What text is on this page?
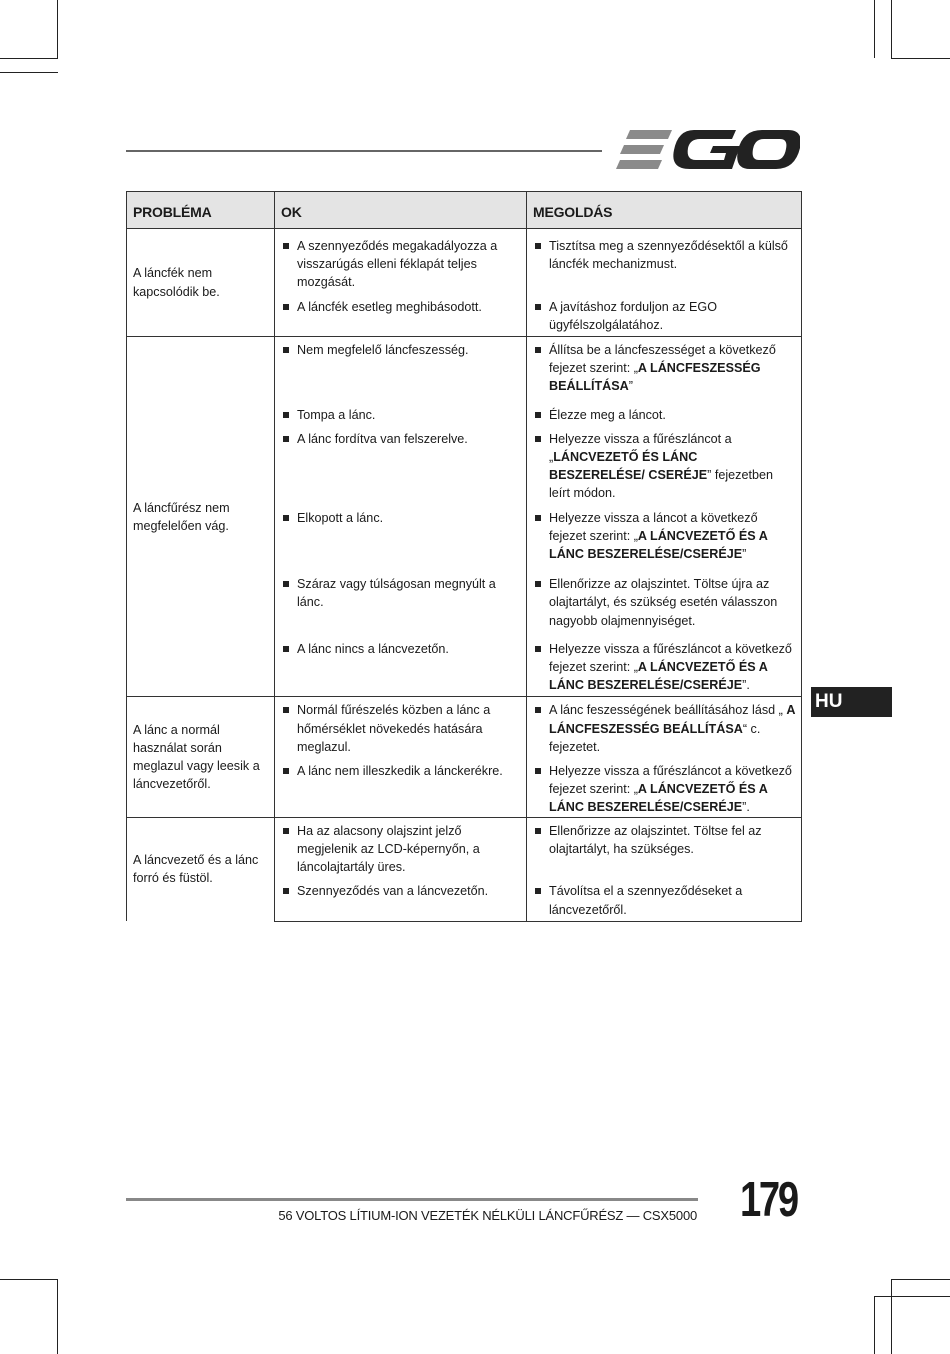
PROBLÉMA	OK	MEGOLDÁS
A láncfék nem kapcsolódik be.	A szennyeződés megakadályozza a visszarúgás elleni féklapát teljes mozgását.	Tisztítsa meg a szennyeződésektől a külső láncfék mechanizmust.

	A láncfék esetleg meghibásodott.	A javításhoz forduljon az EGO ügyfélszolgálatához.

A láncfűrész nem megfelelően vág.	Nem megfelelő láncfeszesség.	Állítsa be a láncfeszességet a következő fejezet szerint: „A LÁNCFESZESSÉG BEÁLLÍTÁSA”

	Tompa a lánc.	Élezze meg a láncot.

	A lánc fordítva van felszerelve.	Helyezze vissza a fűrészláncot a „LÁNCVEZETŐ ÉS LÁNC BESZERELÉSE/ CSERÉJE” fejezetben leírt módon.

	Elkopott a lánc.	Helyezze vissza a láncot a következő fejezet szerint: „A LÁNCVEZETŐ ÉS A LÁNC BESZERELÉSE/CSERÉJE”

	Száraz vagy túlságosan megnyúlt a lánc.	Ellenőrizze az olajszintet. Töltse újra az olajtartályt, és szükség esetén válasszon nagyobb olajmennyiséget.

	A lánc nincs a láncvezetőn.	Helyezze vissza a fűrészláncot a következő fejezet szerint: „A LÁNCVEZETŐ ÉS A LÁNC BESZERELÉSE/CSERÉJE”.

A lánc a normál használat során meglazul vagy leesik a láncvezetőről.	Normál fűrészelés közben a lánc a hőmérséklet növekedés hatására meglazul.	A lánc feszességének beállításához lásd „ A LÁNCFESZESSÉG BEÁLLÍTÁSA“ c. fejezetet.

	A lánc nem illeszkedik a lánckerékre.	Helyezze vissza a fűrészláncot a következő fejezet szerint: „A LÁNCVEZETŐ ÉS A LÁNC BESZERELÉSE/CSERÉJE”.

A láncvezető és a lánc forró és füstöl.	Ha az alacsony olajszint jelző megjelenik az LCD-képernyőn, a láncolajtartály üres.	Ellenőrizze az olajszintet. Töltse fel az olajtartályt, ha szükséges.

	Szennyeződés van a láncvezetőn.	Távolítsa el a szennyeződéseket a láncvezetőről.
HU
56 VOLTOS LÍTIUM-ION VEZETÉK NÉLKÜLI LÁNCFŰRÉSZ — CSX5000 179
